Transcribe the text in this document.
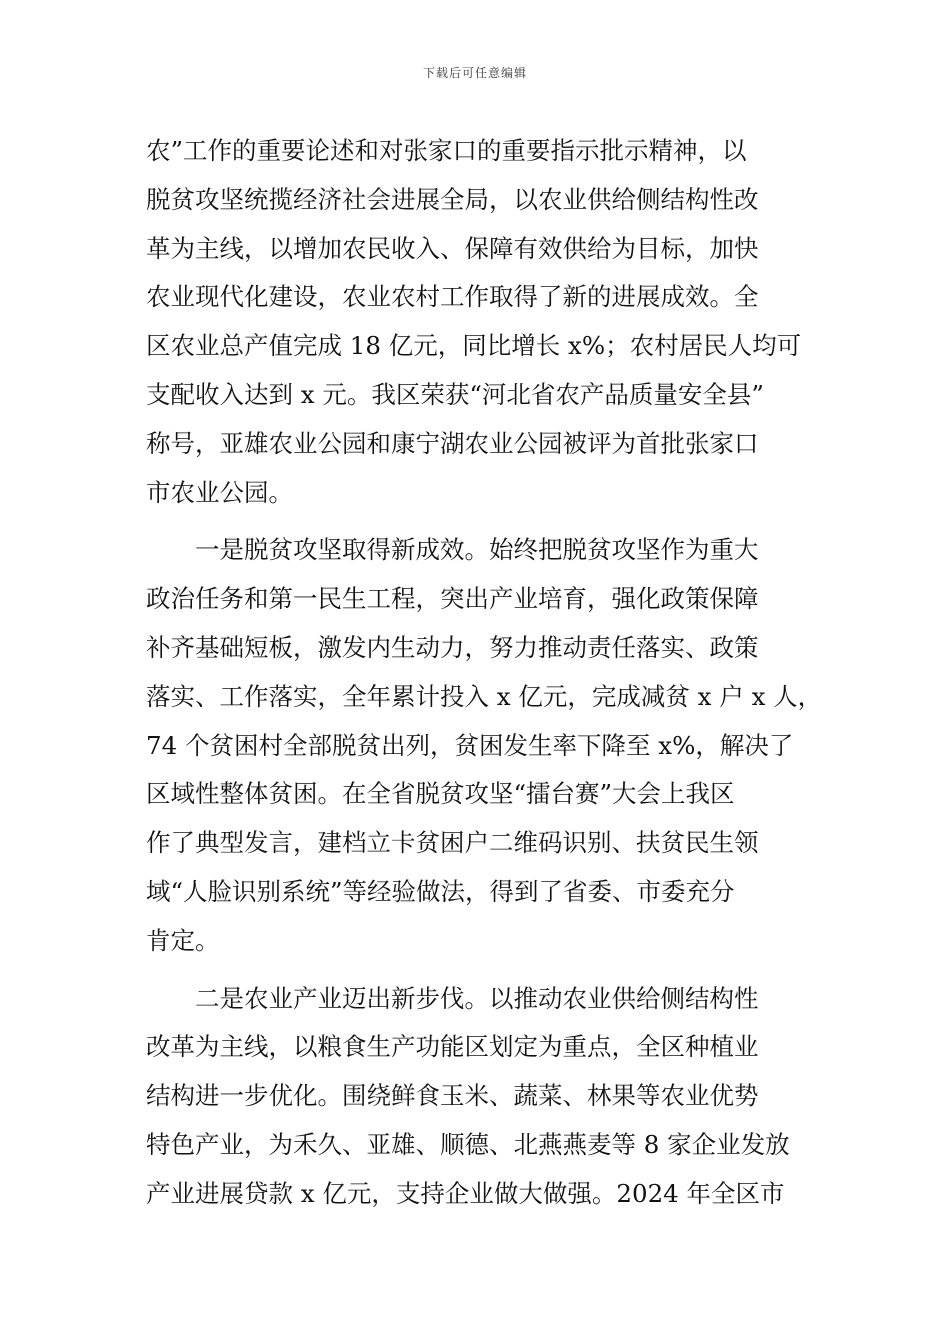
下载后可任意编辑
农”工作的重要论述和对张家口的重要指示批示精神，以
脱贫攻坚统揽经济社会进展全局，以农业供给侧结构性改
革为主线，以增加农民收入、保障有效供给为目标，加快
农业现代化建设，农业农村工作取得了新的进展成效。全
区农业总产值完成 18 亿元，同比增长 x%；农村居民人均可
支配收入达到 x 元。我区荣获“河北省农产品质量安全县”
称号，亚雄农业公园和康宁湖农业公园被评为首批张家口
市农业公园。
一是脱贫攻坚取得新成效。始终把脱贫攻坚作为重大
政治任务和第一民生工程，突出产业培育，强化政策保障
补齐基础短板，激发内生动力，努力推动责任落实、政策
落实、工作落实，全年累计投入 x 亿元，完成减贫 x 户 x 人，
74 个贫困村全部脱贫出列，贫困发生率下降至 x%，解决了
区域性整体贫困。在全省脱贫攻坚“擂台赛”大会上我区
作了典型发言，建档立卡贫困户二维码识别、扶贫民生领
域“人脸识别系统”等经验做法，得到了省委、市委充分
肯定。
二是农业产业迈出新步伐。以推动农业供给侧结构性
改革为主线，以粮食生产功能区划定为重点，全区种植业
结构进一步优化。围绕鲜食玉米、蔬菜、林果等农业优势
特色产业，为禾久、亚雄、顺德、北燕燕麦等 8 家企业发放
产业进展贷款 x 亿元，支持企业做大做强。2024 年全区市
